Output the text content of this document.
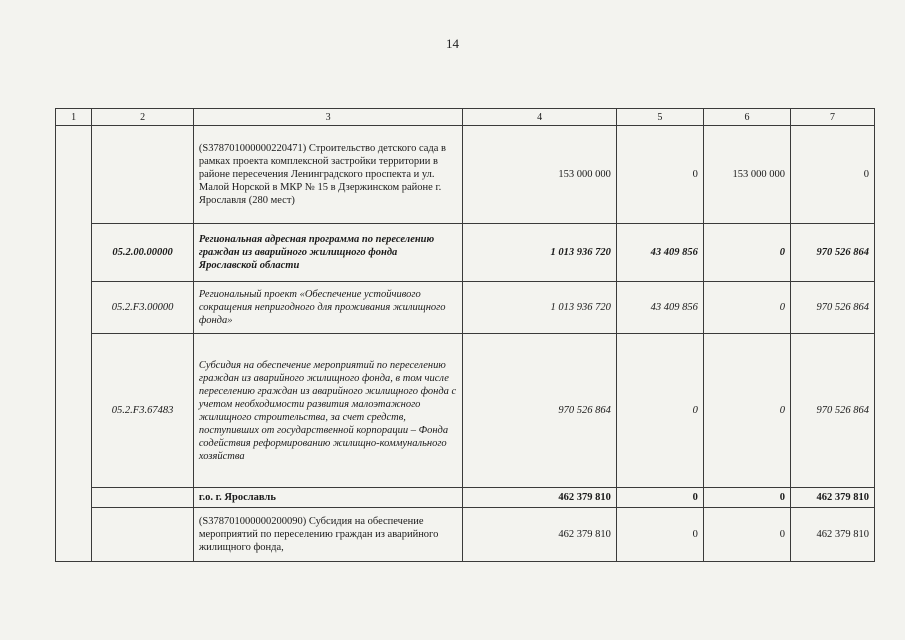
14
1	2	3	4	5	6	7
		(S378701000000220471) Строительство детского сада в рамках проекта комплексной застройки территории в районе пересечения Ленинградского проспекта и ул. Малой Норской в МКР № 15 в Дзержинском районе г. Ярославля (280 мест)	153 000 000	0	153 000 000	0
	05.2.00.00000	Региональная адресная программа по переселению граждан из аварийного жилищного фонда Ярославской области	1 013 936 720	43 409 856	0	970 526 864
	05.2.F3.00000	Региональный проект «Обеспечение устойчивого сокращения непригодного для проживания жилищного фонда»	1 013 936 720	43 409 856	0	970 526 864
	05.2.F3.67483	Субсидия на обеспечение мероприятий по переселению граждан из аварийного жилищного фонда, в том числе переселению граждан из аварийного жилищного фонда с учетом необходимости развития малоэтажного жилищного строительства, за счет средств, поступивших от государственной корпорации – Фонда содействия реформированию жилищно-коммунального хозяйства	970 526 864	0	0	970 526 864
		г.о. г. Ярославль	462 379 810	0	0	462 379 810
		(S378701000000200090) Субсидия на обеспечение мероприятий по переселению граждан из аварийного жилищного фонда,	462 379 810	0	0	462 379 810
